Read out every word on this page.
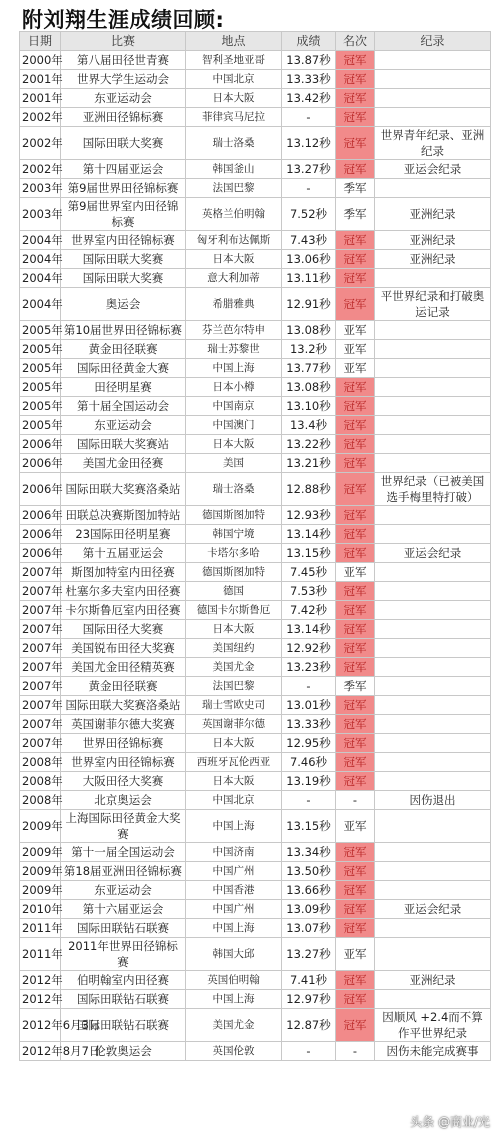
附刘翔生涯成绩回顾:
日期	比赛	地点	成绩	名次	纪录
2000年	第八届田径世青赛	智利圣地亚哥	13.87秒	冠军	
2001年	世界大学生运动会	中国北京	13.33秒	冠军	
2001年	东亚运动会	日本大阪	13.42秒	冠军	
2002年	亚洲田径锦标赛	菲律宾马尼拉	-	冠军	
2002年	国际田联大奖赛	瑞士洛桑	13.12秒	冠军	世界青年纪录、亚洲纪录
2002年	第十四届亚运会	韩国釜山	13.27秒	冠军	亚运会纪录
2003年	第9届世界田径锦标赛	法国巴黎	-	季军	
2003年	第9届世界室内田径锦标赛	英格兰伯明翰	7.52秒	季军	亚洲纪录
2004年	世界室内田径锦标赛	匈牙利布达佩斯	7.43秒	冠军	亚洲纪录
2004年	国际田联大奖赛	日本大阪	13.06秒	冠军	亚洲纪录
2004年	国际田联大奖赛	意大利加蒂	13.11秒	冠军	
2004年	奥运会	希腊雅典	12.91秒	冠军	平世界纪录和打破奥运记录
2005年	第10届世界田径锦标赛	芬兰芭尔特申	13.08秒	亚军	
2005年	黄金田径联赛	瑞士苏黎世	13.2秒	亚军	
2005年	国际田径黄金大赛	中国上海	13.77秒	亚军	
2005年	田径明星赛	日本小樽	13.08秒	冠军	
2005年	第十届全国运动会	中国南京	13.10秒	冠军	
2005年	东亚运动会	中国澳门	13.4秒	冠军	
2006年	国际田联大奖赛站	日本大阪	13.22秒	冠军	
2006年	美国尤金田径赛	美国	13.21秒	冠军	
2006年	国际田联大奖赛洛桑站	瑞士洛桑	12.88秒	冠军	世界纪录（已被美国选手梅里特打破）
2006年	田联总决赛斯图加特站	德国斯图加特	12.93秒	冠军	
2006年	23国际田径明星赛	韩国宁境	13.14秒	冠军	
2006年	第十五届亚运会	卡塔尔多哈	13.15秒	冠军	亚运会纪录
2007年	斯图加特室内田径赛	德国斯图加特	7.45秒	亚军	
2007年	杜塞尔多夫室内田径赛	德国	7.53秒	冠军	
2007年	卡尔斯鲁厄室内田径赛	德国卡尔斯鲁厄	7.42秒	冠军	
2007年	国际田径大奖赛	日本大阪	13.14秒	冠军	
2007年	美国锐布田径大奖赛	美国纽约	12.92秒	冠军	
2007年	美国尤金田径精英赛	美国尤金	13.23秒	冠军	
2007年	黄金田径联赛	法国巴黎	-	季军	
2007年	国际田联大奖赛洛桑站	瑞士雪欧史司	13.01秒	冠军	
2007年	英国谢菲尔德大奖赛	英国谢菲尔德	13.33秒	冠军	
2007年	世界田径锦标赛	日本大阪	12.95秒	冠军	
2008年	世界室内田径锦标赛	西班牙瓦伦西亚	7.46秒	冠军	
2008年	大阪田径大奖赛	日本大阪	13.19秒	冠军	
2008年	北京奥运会	中国北京	-	-	因伤退出
2009年	上海国际田径黄金大奖赛	中国上海	13.15秒	亚军	
2009年	第十一届全国运动会	中国济南	13.34秒	冠军	
2009年	第18届亚洲田径锦标赛	中国广州	13.50秒	冠军	
2009年	东亚运动会	中国香港	13.66秒	冠军	
2010年	第十六届亚运会	中国广州	13.09秒	冠军	亚运会纪录
2011年	国际田联钻石联赛	中国上海	13.07秒	冠军	
2011年	2011年世界田径锦标赛	韩国大邱	13.27秒	亚军	
2012年	伯明翰室内田径赛	英国伯明翰	7.41秒	冠军	亚洲纪录
2012年	国际田联钻石联赛	中国上海	12.97秒	冠军	
2012年6月3日	国际田联钻石联赛	美国尤金	12.87秒	冠军	因顺风 +2.4而不算作平世界纪录
2012年8月7日	伦敦奥运会	英国伦敦	-	-	因伤未能完成赛事
头条 @商业/光
